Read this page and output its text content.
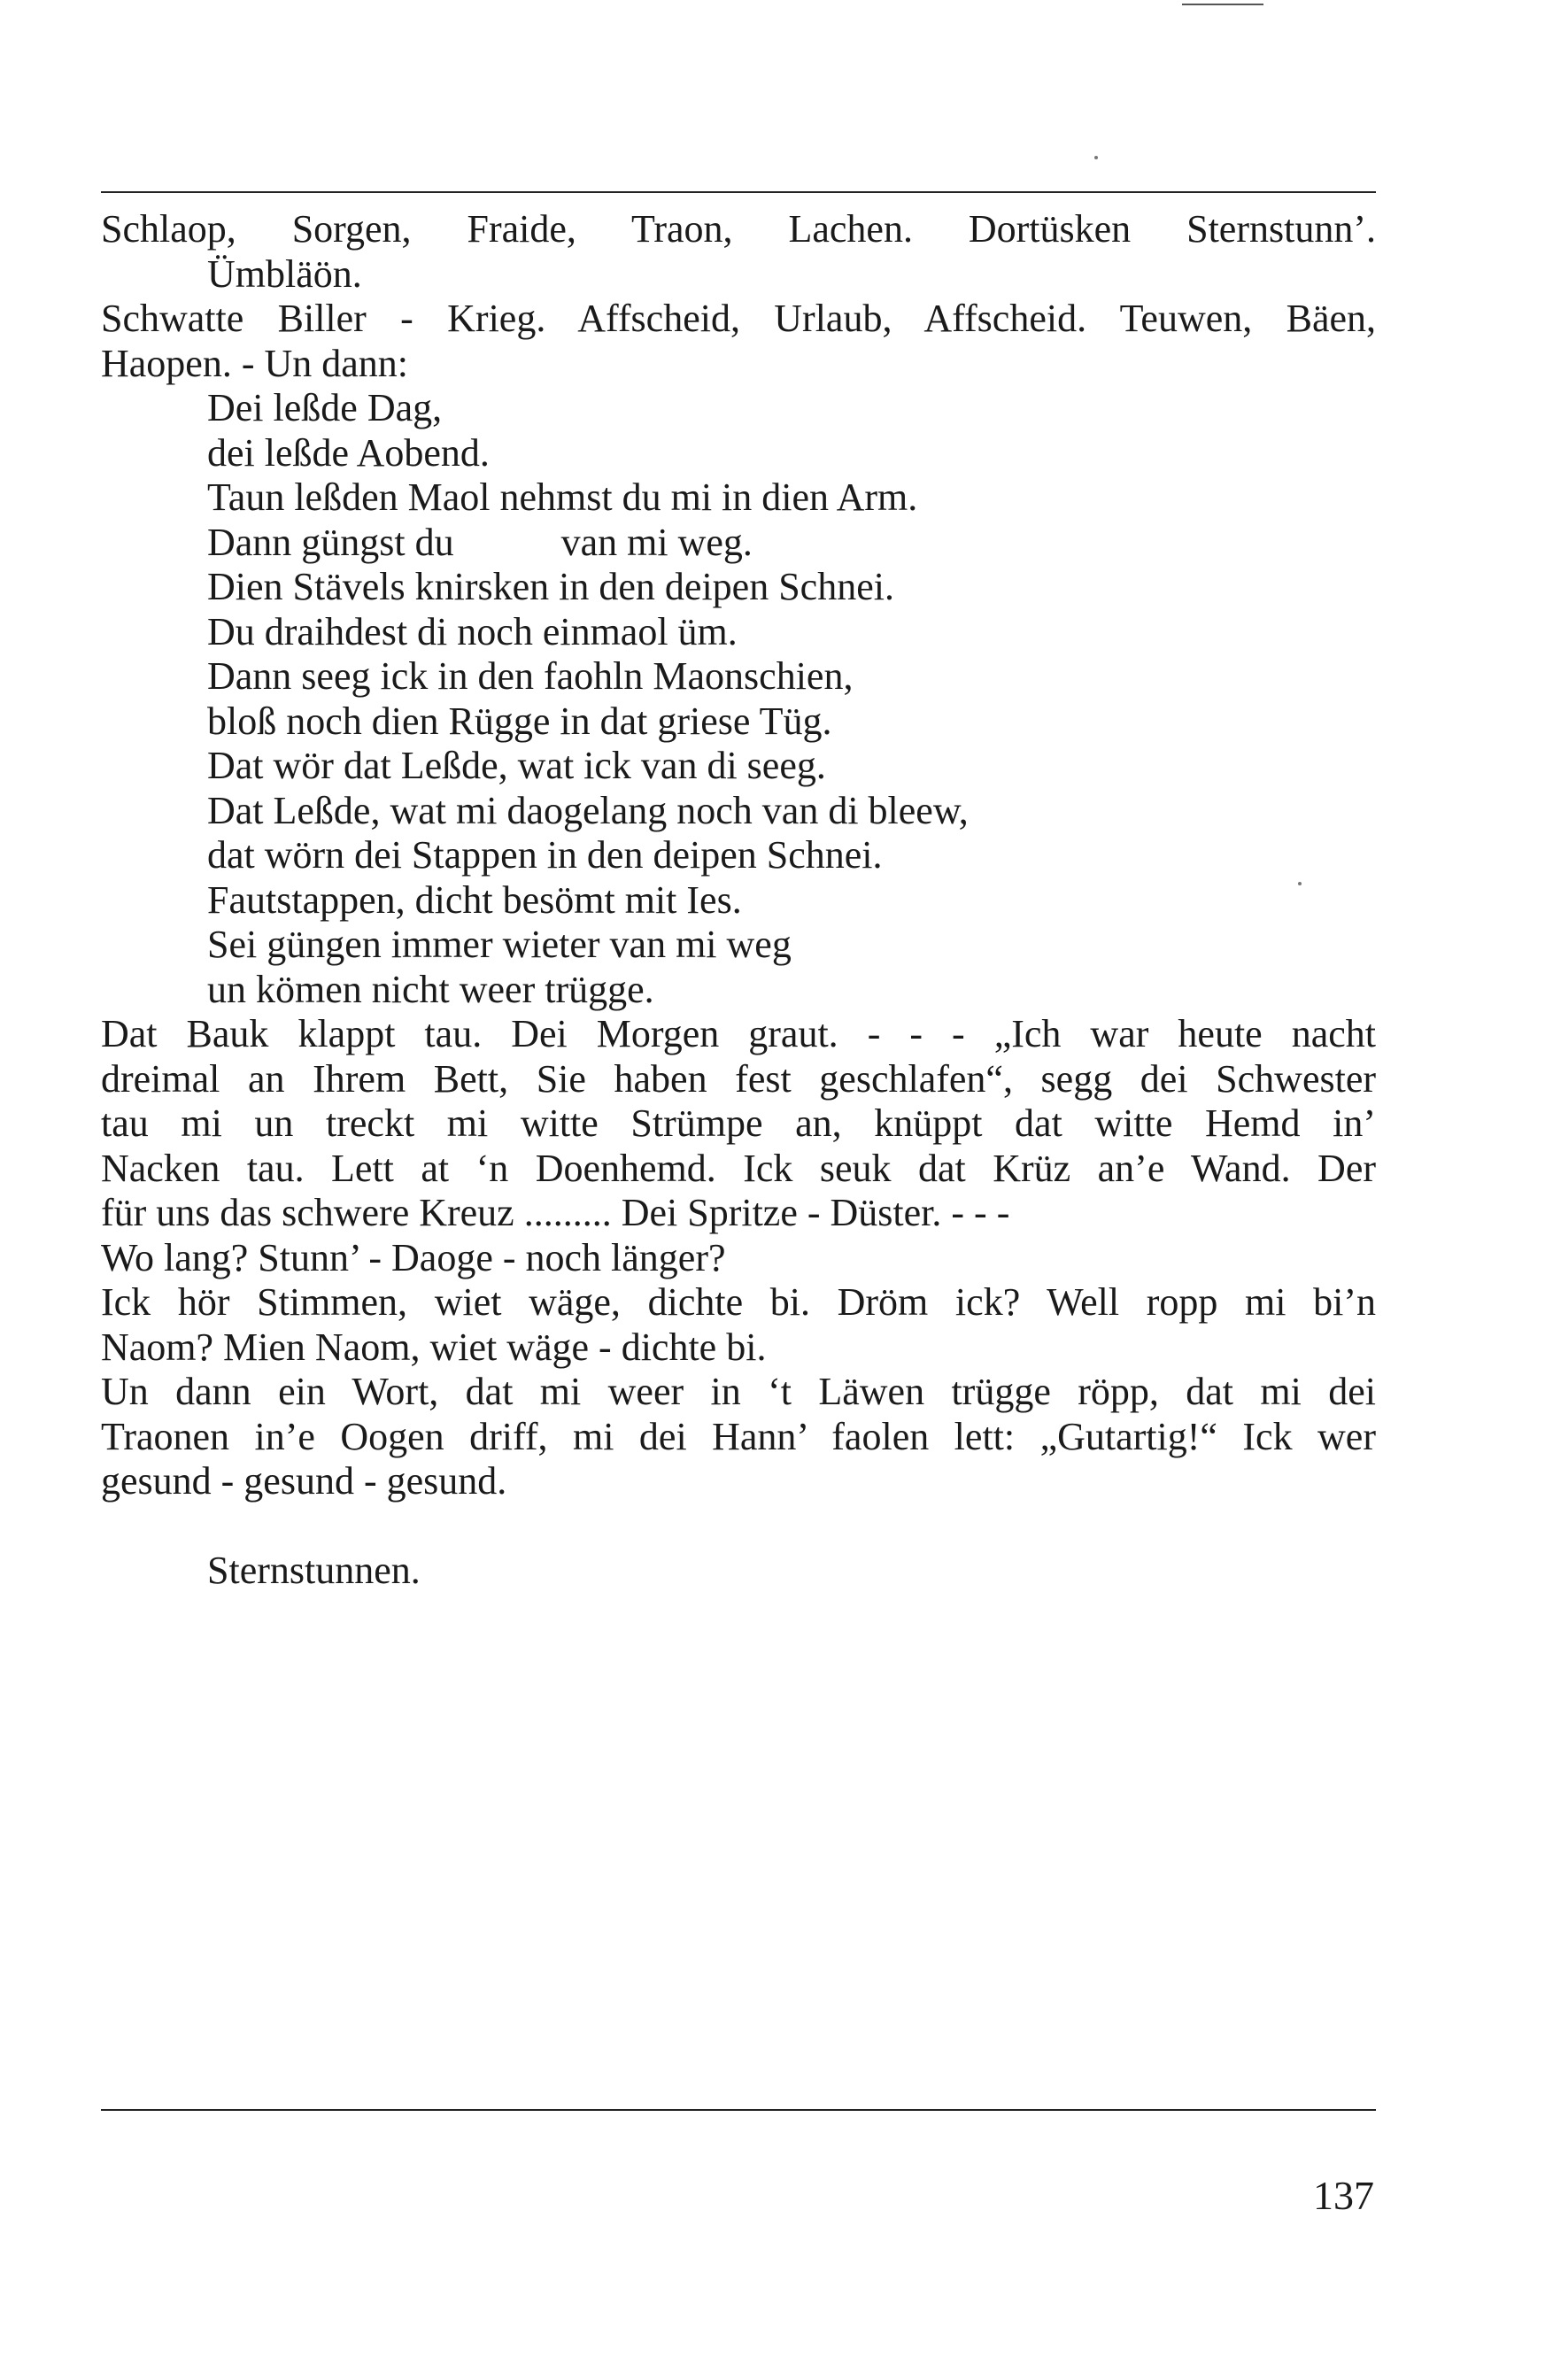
Schlaop, Sorgen, Fraide, Traon, Lachen. Dortüsken Sternstunn’.
Ümbläön.
Schwatte Biller - Krieg. Affscheid, Urlaub, Affscheid. Teuwen, Bäen,
Haopen. - Un dann:
Dei leßde Dag,
dei leßde Aobend.
Taun leßden Maol nehmst du mi in dien Arm.
Dann güngst du           van mi weg.
Dien Stävels knirsken in den deipen Schnei.
Du draihdest di noch einmaol üm.
Dann seeg ick in den faohln Maonschien,
bloß noch dien Rügge in dat griese Tüg.
Dat wör dat Leßde, wat ick van di seeg.
Dat Leßde, wat mi daogelang noch van di bleew,
dat wörn dei Stappen in den deipen Schnei.
Fautstappen, dicht besömt mit Ies.
Sei güngen immer wieter van mi weg
un kömen nicht weer trügge.
Dat Bauk klappt tau. Dei Morgen graut. - - - „Ich war heute nacht
dreimal an Ihrem Bett, Sie haben fest geschlafen“, segg dei Schwester
tau mi un treckt mi witte Strümpe an, knüppt dat witte Hemd in’
Nacken tau. Lett at ‘n Doenhemd. Ick seuk dat Krüz an’e Wand. Der
für uns das schwere Kreuz ......... Dei Spritze - Düster. - - -
Wo lang? Stunn’ - Daoge - noch länger?
Ick hör Stimmen, wiet wäge, dichte bi. Dröm ick? Well ropp mi bi’n
Naom? Mien Naom, wiet wäge - dichte bi.
Un dann ein Wort, dat mi weer in ‘t Läwen trügge röpp, dat mi dei
Traonen in’e Oogen driff, mi dei Hann’ faolen lett: „Gutartig!“ Ick wer
gesund - gesund - gesund.
Sternstunnen.
137
